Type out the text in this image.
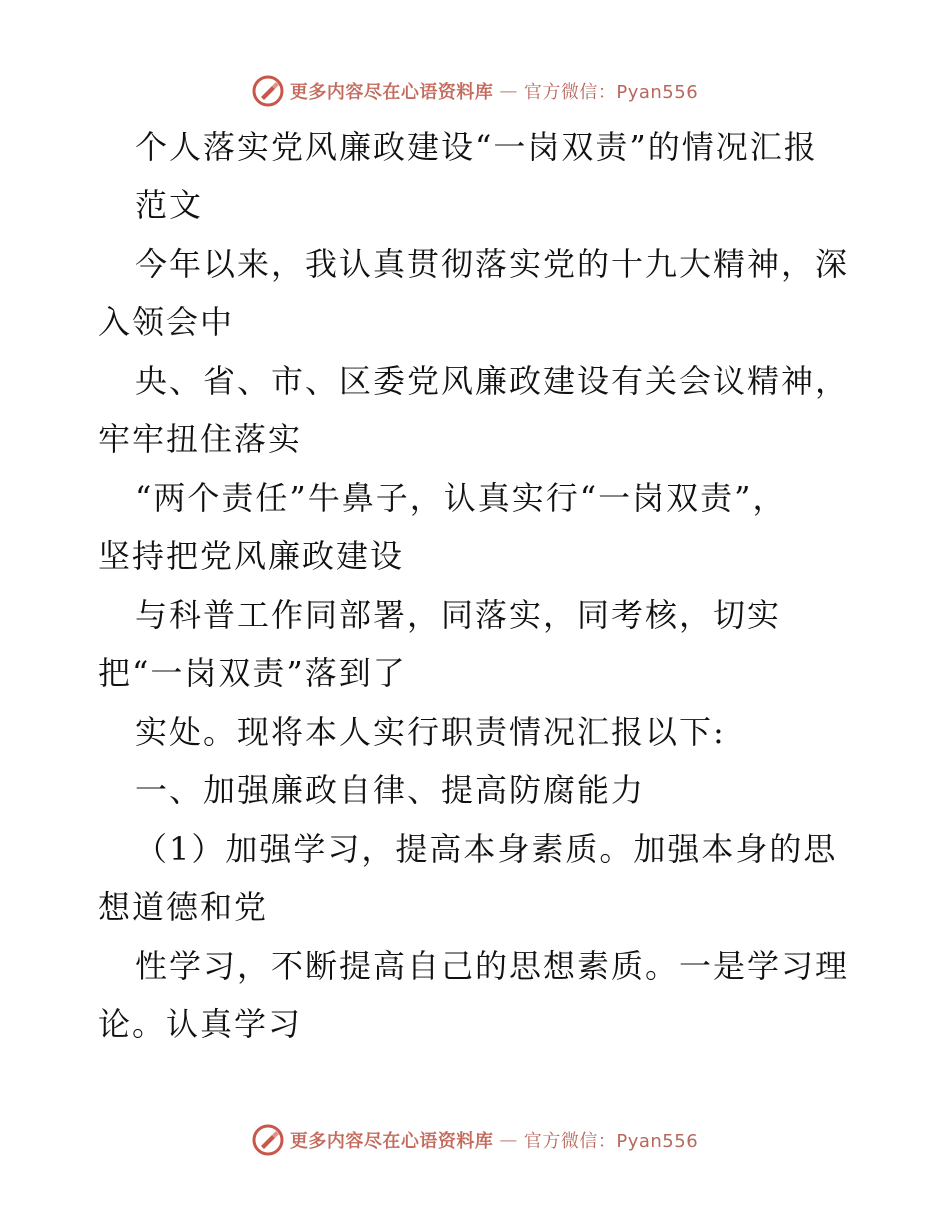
更多内容尽在心语资料库 — 官方微信：Pyan556
个人落实党风廉政建设“一岗双责”的情况汇报
范文
今年以来，我认真贯彻落实党的十九大精神，深
入领会中
央、省、市、区委党风廉政建设有关会议精神，
牢牢扭住落实
“两个责任”牛鼻子，认真实行“一岗双责”，
坚持把党风廉政建设
与科普工作同部署，同落实，同考核，切实
把“一岗双责”落到了
实处。现将本人实行职责情况汇报以下:
一、加强廉政自律、提高防腐能力
（1）加强学习，提高本身素质。加强本身的思
想道德和党
性学习，不断提高自己的思想素质。一是学习理
论。认真学习
更多内容尽在心语资料库 — 官方微信：Pyan556
